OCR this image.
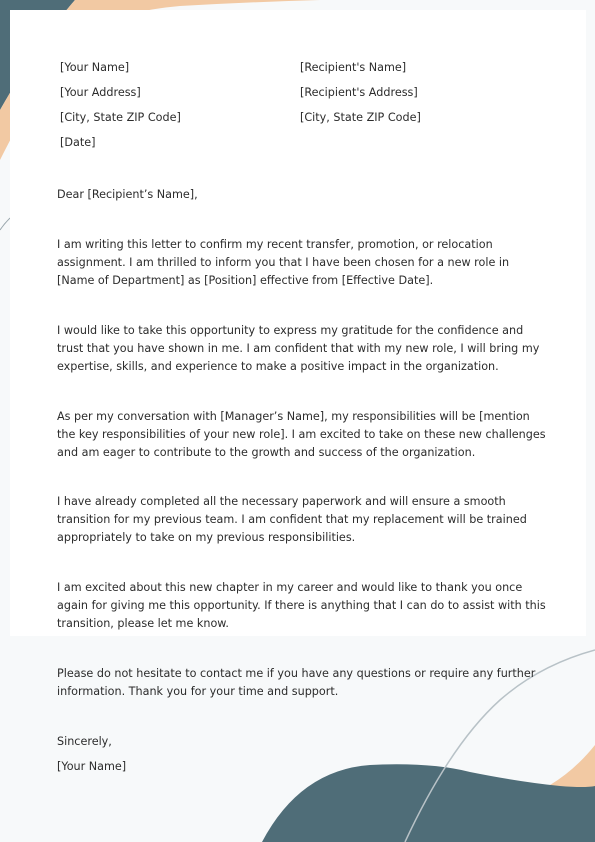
[Your Name]
[Your Address]
[City, State ZIP Code]
[Date]
[Recipient's Name]
[Recipient's Address]
[City, State ZIP Code]
Dear [Recipient’s Name],

I am writing this letter to confirm my recent transfer, promotion, or relocation assignment. I am thrilled to inform you that I have been chosen for a new role in [Name of Department] as [Position] effective from [Effective Date].

I would like to take this opportunity to express my gratitude for the confidence and trust that you have shown in me. I am confident that with my new role, I will bring my expertise, skills, and experience to make a positive impact in the organization.

As per my conversation with [Manager’s Name], my responsibilities will be [mention the key responsibilities of your new role]. I am excited to take on these new challenges and am eager to contribute to the growth and success of the organization.

I have already completed all the necessary paperwork and will ensure a smooth transition for my previous team. I am confident that my replacement will be trained appropriately to take on my previous responsibilities.

I am excited about this new chapter in my career and would like to thank you once again for giving me this opportunity. If there is anything that I can do to assist with this transition, please let me know.

Please do not hesitate to contact me if you have any questions or require any further information. Thank you for your time and support.

Sincerely,
[Your Name]
